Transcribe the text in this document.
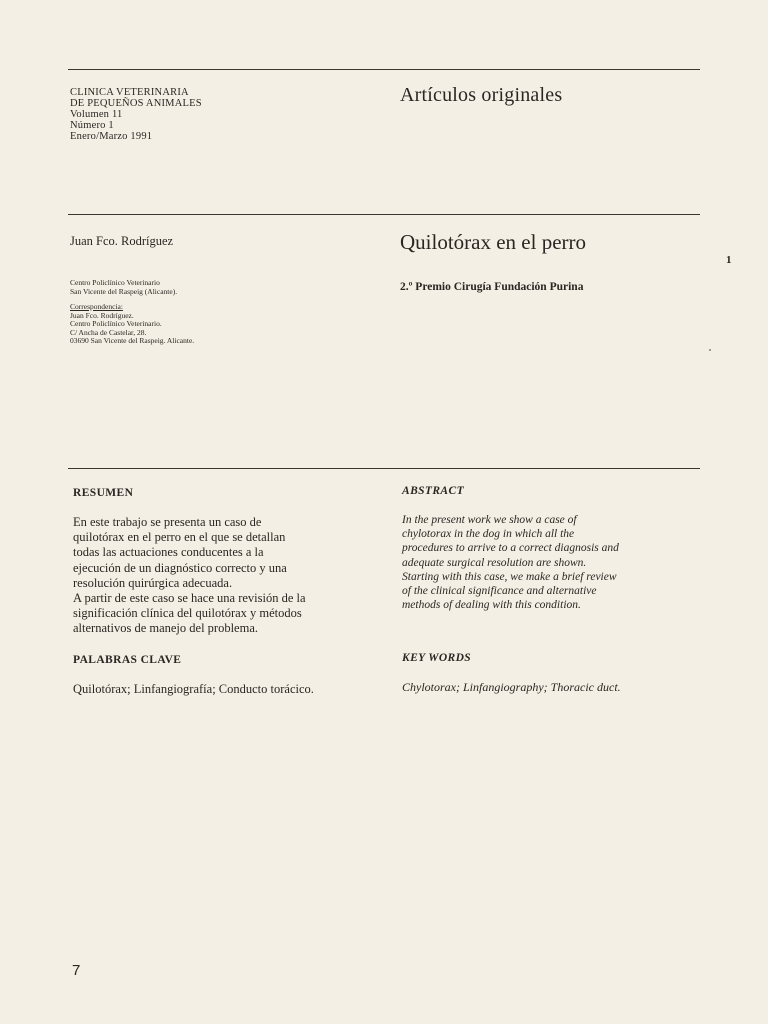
CLINICA VETERINARIA
DE PEQUEÑOS ANIMALES
Volumen 11
Número 1
Enero/Marzo 1991
Artículos originales
Juan Fco. Rodríguez	Quilotórax en el perro
1
Centro Policlínico Veterinario
San Vicente del Raspeig (Alicante).
Correspondencia:
Juan Fco. Rodríguez.
Centro Policlínico Veterinario.
C/ Ancha de Castelar, 28.
03690 San Vicente del Raspeig. Alicante.
2.º Premio Cirugía Fundación Purina
RESUMEN
En este trabajo se presenta un caso de
quilotórax en el perro en el que se detallan
todas las actuaciones conducentes a la
ejecución de un diagnóstico correcto y una
resolución quirúrgica adecuada.
A partir de este caso se hace una revisión de la
significación clínica del quilotórax y métodos
alternativos de manejo del problema.
ABSTRACT
In the present work we show a case of
chylotorax in the dog in which all the
procedures to arrive to a correct diagnosis and
adequate surgical resolution are shown.
Starting with this case, we make a brief review
of the clinical significance and alternative
methods of dealing with this condition.
PALABRAS CLAVE
Quilotórax; Linfangiografía; Conducto torácico.
KEY WORDS
Chylotorax; Linfangiography; Thoracic duct.
7
